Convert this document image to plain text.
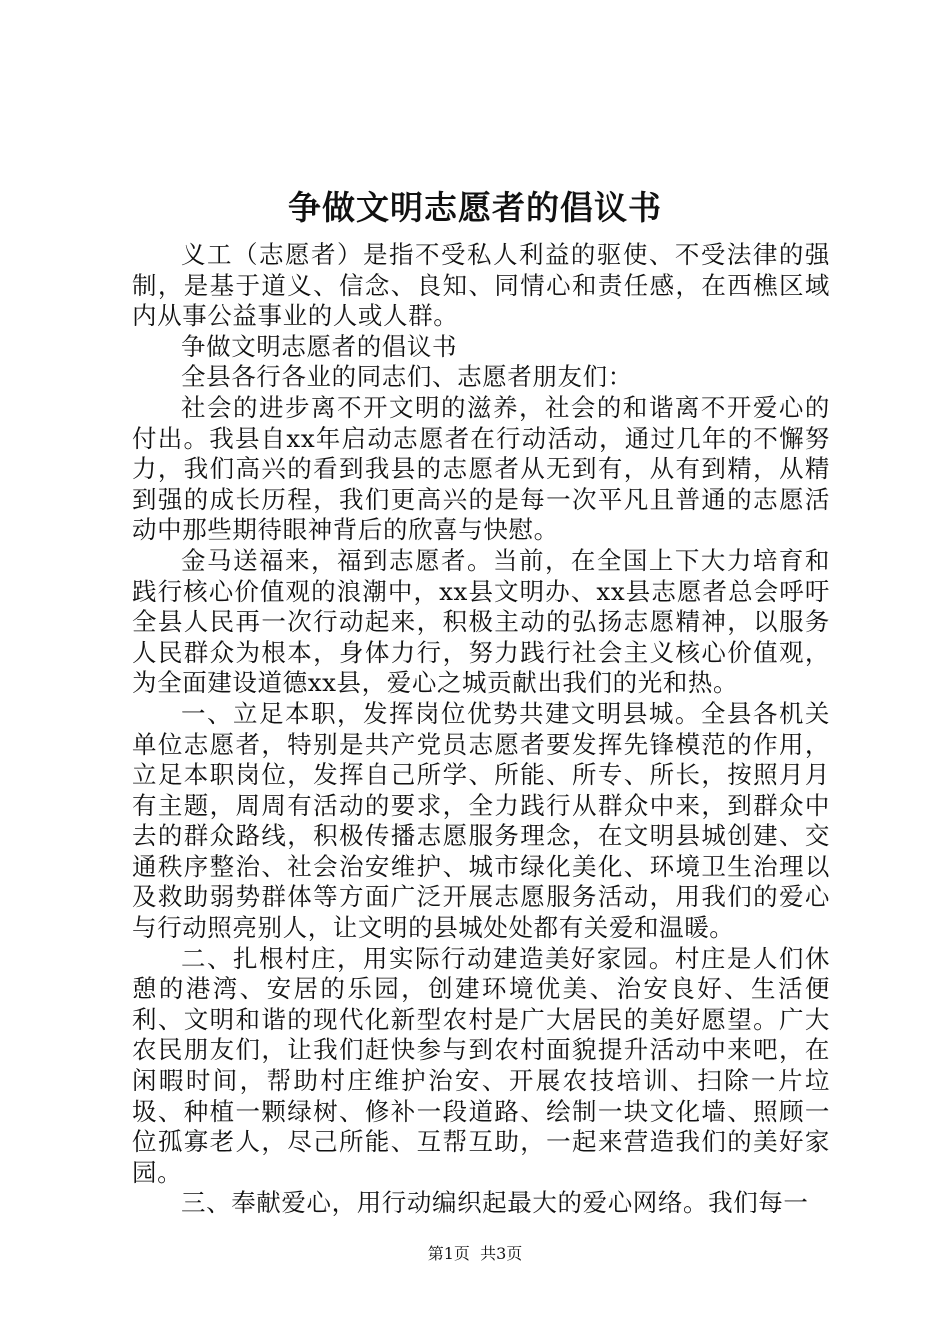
争做文明志愿者的倡议书

义工（志愿者）是指不受私人利益的驱使、不受法律的强制，是基于道义、信念、良知、同情心和责任感，在西樵区域内从事公益事业的人或人群。

争做文明志愿者的倡议书

全县各行各业的同志们、志愿者朋友们：

社会的进步离不开文明的滋养，社会的和谐离不开爱心的付出。我县自xx年启动志愿者在行动活动，通过几年的不懈努力，我们高兴的看到我县的志愿者从无到有，从有到精，从精到强的成长历程，我们更高兴的是每一次平凡且普通的志愿活动中那些期待眼神背后的欣喜与快慰。

金马送福来，福到志愿者。当前，在全国上下大力培育和践行核心价值观的浪潮中，xx县文明办、xx县志愿者总会呼吁全县人民再一次行动起来，积极主动的弘扬志愿精神，以服务人民群众为根本，身体力行，努力践行社会主义核心价值观，为全面建设道德xx县，爱心之城贡献出我们的光和热。

一、立足本职，发挥岗位优势共建文明县城。全县各机关单位志愿者，特别是共产党员志愿者要发挥先锋模范的作用，立足本职岗位，发挥自己所学、所能、所专、所长，按照月月有主题，周周有活动的要求，全力践行从群众中来，到群众中去的群众路线，积极传播志愿服务理念，在文明县城创建、交通秩序整治、社会治安维护、城市绿化美化、环境卫生治理以及救助弱势群体等方面广泛开展志愿服务活动，用我们的爱心与行动照亮别人，让文明的县城处处都有关爱和温暖。

二、扎根村庄，用实际行动建造美好家园。村庄是人们休憩的港湾、安居的乐园，创建环境优美、治安良好、生活便利、文明和谐的现代化新型农村是广大居民的美好愿望。广大农民朋友们，让我们赶快参与到农村面貌提升活动中来吧，在闲暇时间，帮助村庄维护治安、开展农技培训、扫除一片垃圾、种植一颗绿树、修补一段道路、绘制一块文化墙、照顾一位孤寡老人，尽己所能、互帮互助，一起来营造我们的美好家园。

三、奉献爱心，用行动编织起最大的爱心网络。我们每一

第1页 共3页
